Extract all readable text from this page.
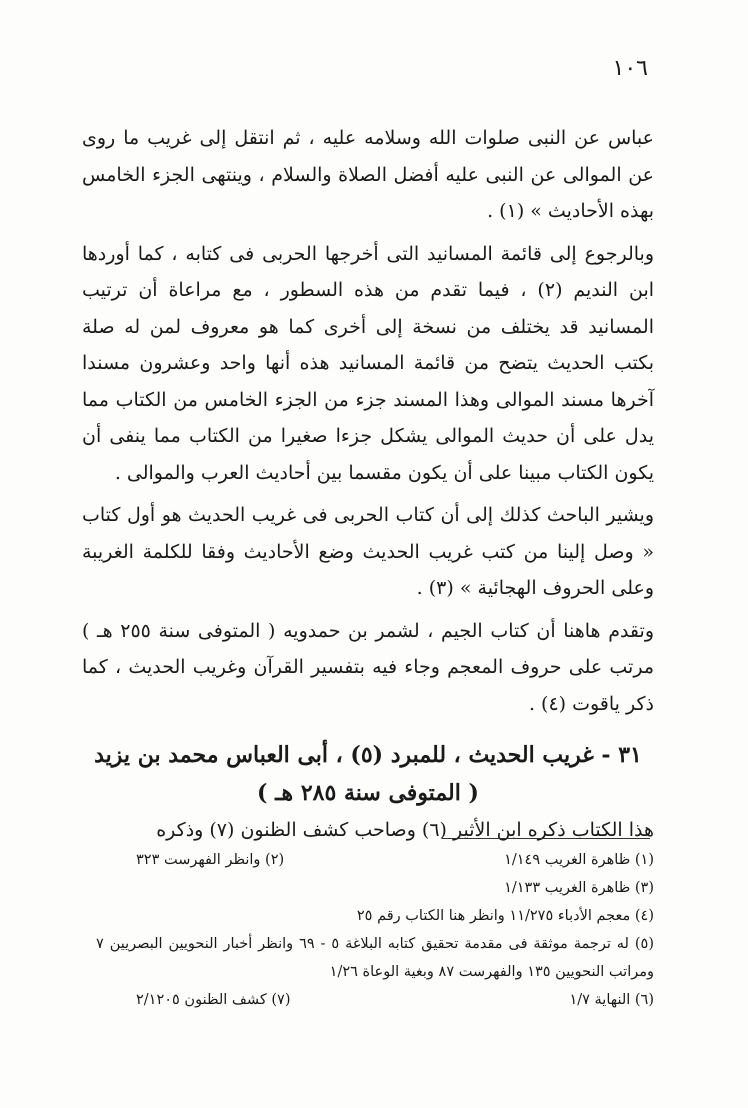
١٠٦

عباس عن النبى صلوات الله وسلامه عليه ، ثم انتقل إلى غريب ما روى عن الموالى عن النبى عليه أفضل الصلاة والسلام ، وينتهى الجزء الخامس بهذه الأحاديث » (١) .

وبالرجوع إلى قائمة المسانيد التى أخرجها الحربى فى كتابه ، كما أوردها ابن النديم (٢) ، فيما تقدم من هذه السطور ، مع مراعاة أن ترتيب المسانيد قد يختلف من نسخة إلى أخرى كما هو معروف لمن له صلة بكتب الحديث يتضح من قائمة المسانيد هذه أنها واحد وعشرون مسندا آخرها مسند الموالى وهذا المسند جزء من الجزء الخامس من الكتاب مما يدل على أن حديث الموالى يشكل جزءا صغيرا من الكتاب مما ينفى أن يكون الكتاب مبينا على أن يكون مقسما بين أحاديث العرب والموالى .

ويشير الباحث كذلك إلى أن كتاب الحربى فى غريب الحديث هو أول كتاب « وصل إلينا من كتب غريب الحديث وضع الأحاديث وفقا للكلمة الغريبة وعلى الحروف الهجائية » (٣) .

وتقدم هاهنا أن كتاب الجيم ، لشمر بن حمدويه ( المتوفى سنة ٢٥٥ هـ ) مرتب على حروف المعجم وجاء فيه بتفسير القرآن وغريب الحديث ، كما ذكر ياقوت (٤) .

٣١ - غريب الحديث ، للمبرد (٥) ، أبى العباس محمد بن يزيد
( المتوفى سنة ٢٨٥ هـ )

هذا الكتاب ذكره ابن الأثير (٦) وصاحب كشف الظنون (٧) وذكره

(١) ظاهرة الغريب ١/١٤٩
(٢) وانظر الفهرست ٣٢٣
(٣) ظاهرة الغريب ١/١٣٣
(٤) معجم الأدباء ١١/٢٧٥ وانظر هنا الكتاب رقم ٢٥
(٥) له ترجمة موثقة فى مقدمة تحقيق كتابه البلاغة ٥ - ٦٩ وانظر أخبار النحويين البصريين ٧ ومراتب النحويين ١٣٥ والفهرست ٨٧ وبغية الوعاة ١/٢٦
(٦) النهاية ١/٧
(٧) كشف الظنون ٢/١٢٠٥
